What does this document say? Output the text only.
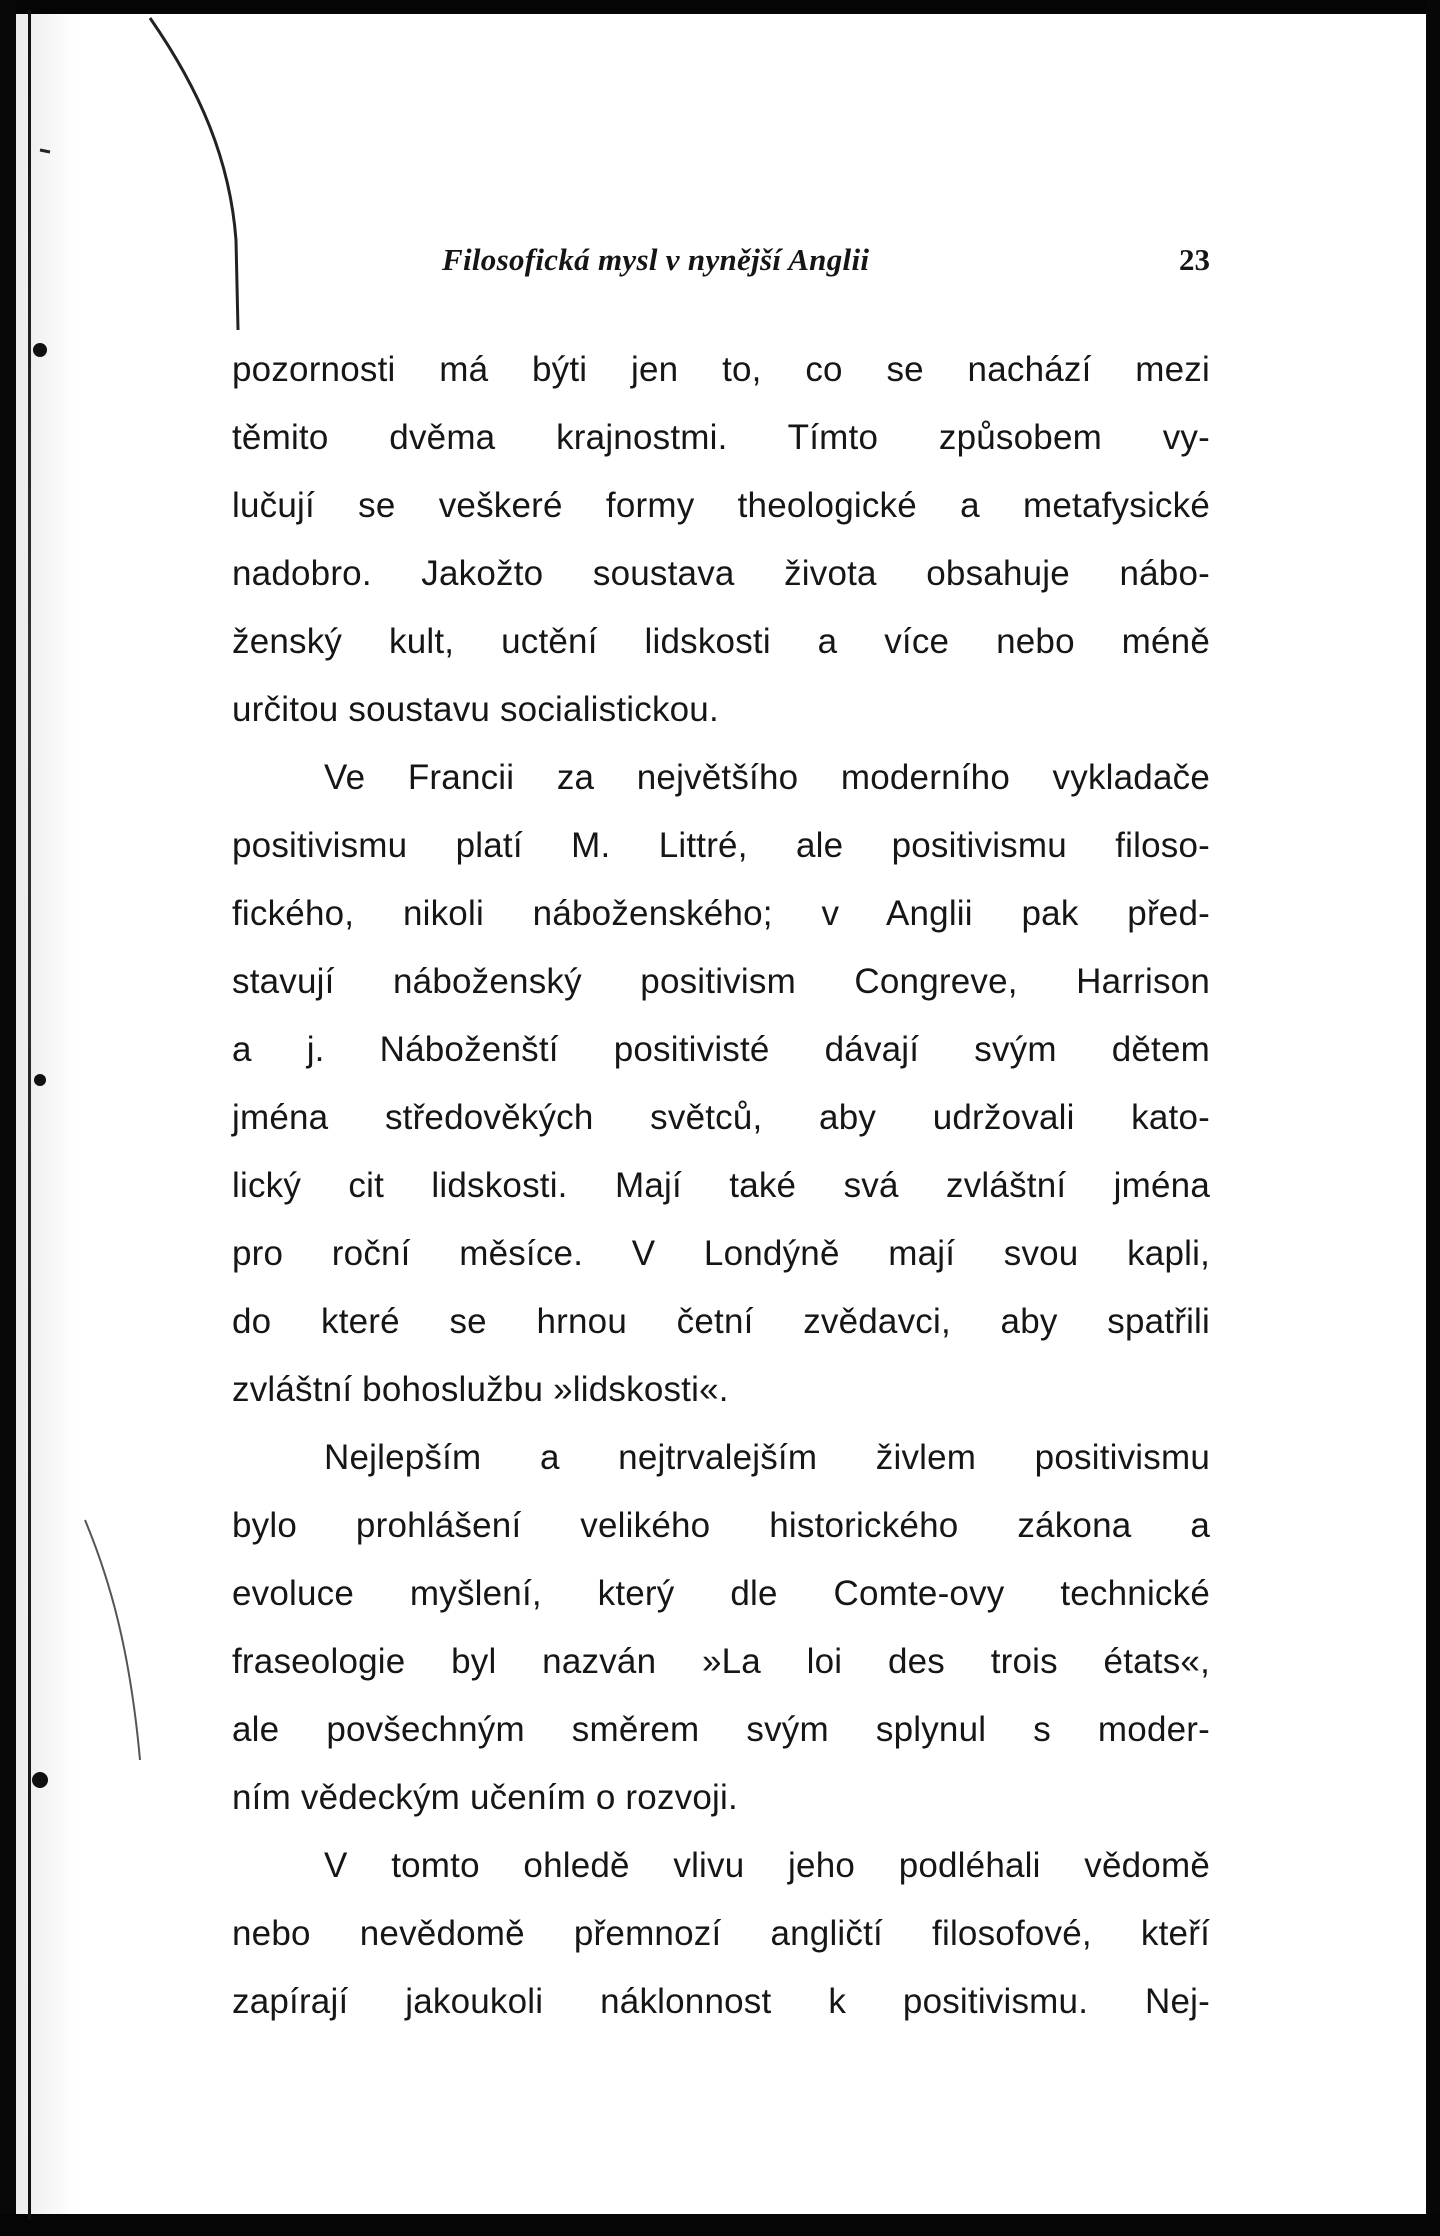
Filosofická mysl v nynější Anglii	23

pozornosti má býti jen to, co se nachází mezi
těmito dvěma krajnostmi. Tímto způsobem vy-
lučují se veškeré formy theologické a metafysické
nadobro. Jakožto soustava života obsahuje nábo-
ženský kult, uctění lidskosti a více nebo méně
určitou soustavu socialistickou.

Ve Francii za největšího moderního vykladače
positivismu platí M. Littré, ale positivismu filoso-
fického, nikoli náboženského; v Anglii pak před-
stavují náboženský positivism Congreve, Harrison
a j. Náboženští positivisté dávají svým dětem
jména středověkých světců, aby udržovali kato-
lický cit lidskosti. Mají také svá zvláštní jména
pro roční měsíce. V Londýně mají svou kapli,
do které se hrnou četní zvědavci, aby spatřili
zvláštní bohoslužbu »lidskosti«.

Nejlepším a nejtrvalejším živlem positivismu
bylo prohlášení velikého historického zákona a
evoluce myšlení, který dle Comte-ovy technické
fraseologie byl nazván »La loi des trois états«,
ale povšechným směrem svým splynul s moder-
ním vědeckým učením o rozvoji.

V tomto ohledě vlivu jeho podléhali vědomě
nebo nevědomě přemnozí angličtí filosofové, kteří
zapírají jakoukoli náklonnost k positivismu. Nej-
